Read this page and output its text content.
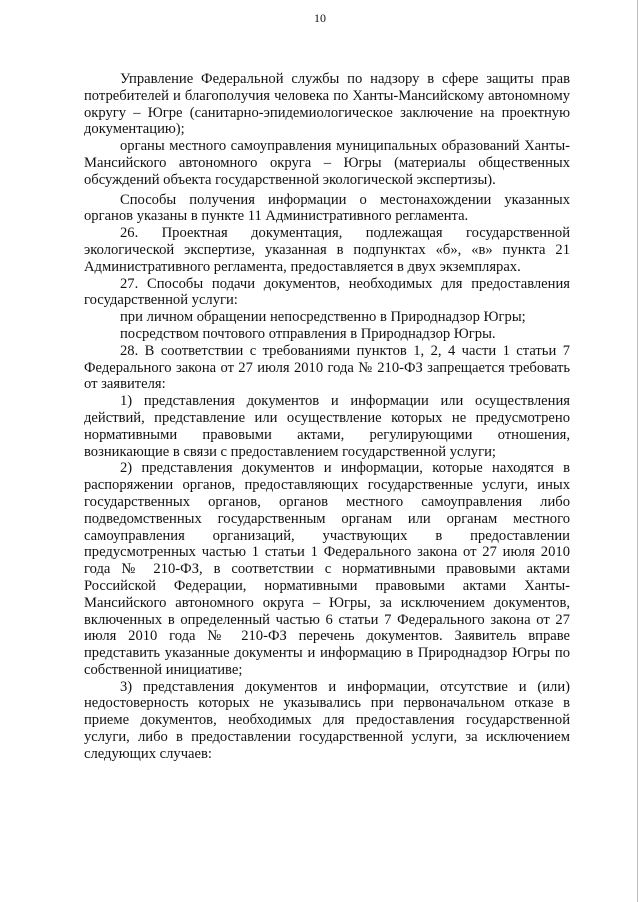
10

Управление Федеральной службы по надзору в сфере защиты прав потребителей и благополучия человека по Ханты-Мансийскому автономному округу – Югре (санитарно-эпидемиологическое заключение на проектную документацию);

органы местного самоуправления муниципальных образований Ханты-Мансийского автономного округа – Югры (материалы общественных обсуждений объекта государственной экологической экспертизы).

Способы получения информации о местонахождении указанных органов указаны в пункте 11 Административного регламента.

26. Проектная документация, подлежащая государственной экологической экспертизе, указанная в подпунктах «б», «в» пункта 21 Административного регламента, предоставляется в двух экземплярах.

27. Способы подачи документов, необходимых для предоставления государственной услуги:

при личном обращении непосредственно в Природнадзор Югры;

посредством почтового отправления в Природнадзор Югры.

28. В соответствии с требованиями пунктов 1, 2, 4 части 1 статьи 7 Федерального закона от 27 июля 2010 года № 210-ФЗ запрещается требовать от заявителя:

1) представления документов и информации или осуществления действий, представление или осуществление которых не предусмотрено нормативными правовыми актами, регулирующими отношения, возникающие в связи с предоставлением государственной услуги;

2) представления документов и информации, которые находятся в распоряжении органов, предоставляющих государственные услуги, иных государственных органов, органов местного самоуправления либо подведомственных государственным органам или органам местного самоуправления организаций, участвующих в предоставлении предусмотренных частью 1 статьи 1 Федерального закона от 27 июля 2010 года № 210-ФЗ, в соответствии с нормативными правовыми актами Российской Федерации, нормативными правовыми актами Ханты-Мансийского автономного округа – Югры, за исключением документов, включенных в определенный частью 6 статьи 7 Федерального закона от 27 июля 2010 года № 210-ФЗ перечень документов. Заявитель вправе представить указанные документы и информацию в Природнадзор Югры по собственной инициативе;

3) представления документов и информации, отсутствие и (или) недостоверность которых не указывались при первоначальном отказе в приеме документов, необходимых для предоставления государственной услуги, либо в предоставлении государственной услуги, за исключением следующих случаев:
